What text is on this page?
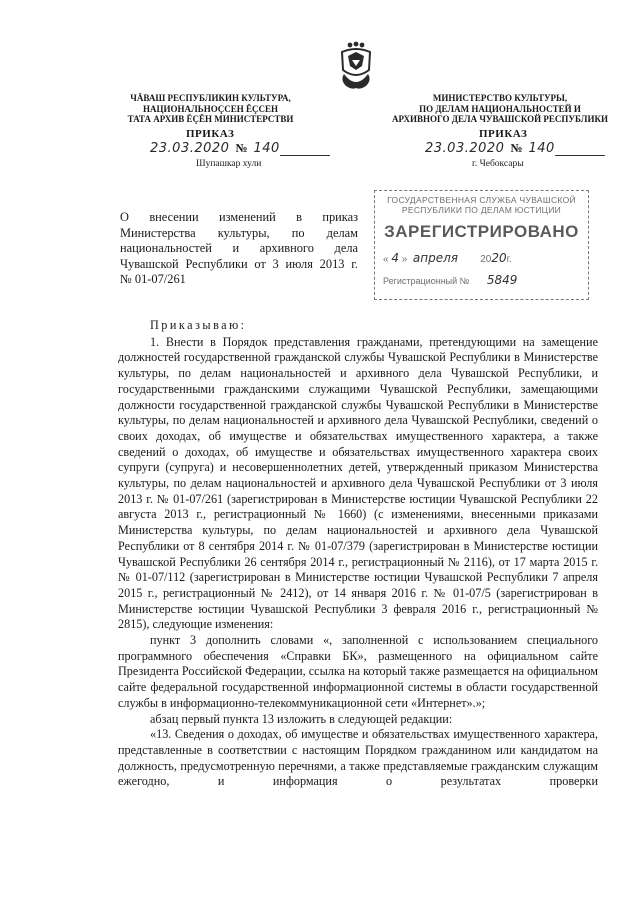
ЧĂВАШ РЕСПУБЛИКИН КУЛЬТУРА,
НАЦИОНАЛЬНОÇСЕН ĔÇСЕН
ТАТА АРХИВ ĔÇĔН МИНИСТЕРСТВИ
МИНИСТЕРСТВО КУЛЬТУРЫ,
ПО ДЕЛАМ НАЦИОНАЛЬНОСТЕЙ И
АРХИВНОГО ДЕЛА ЧУВАШСКОЙ РЕСПУБЛИКИ
ПРИКАЗ	ПРИКАЗ
23.03.2020 № 140	23.03.2020 № 140
Шупашкар хули	г. Чебоксары
ГОСУДАРСТВЕННАЯ СЛУЖБА ЧУВАШСКОЙ
РЕСПУБЛИКИ ПО ДЕЛАМ ЮСТИЦИИ
ЗАРЕГИСТРИРОВАНО
« 4 »  апреля 2020г.
Регистрационный № 5849
О внесении изменений в приказ
Министерства культуры, по делам
национальностей и архивного дела
Чувашской Республики от 3 июля 2013 г.
№ 01-07/261
Приказываю:
1. Внести в Порядок представления гражданами, претендующими на замещение должностей государственной гражданской службы Чувашской Республики в Министерстве культуры, по делам национальностей и архивного дела Чувашской Республики, и государственными гражданскими служащими Чувашской Республики, замещающими должности государственной гражданской службы Чувашской Республики в Министерстве культуры, по делам национальностей и архивного дела Чувашской Республики, сведений о своих доходах, об имуществе и обязательствах имущественного характера, а также сведений о доходах, об имуществе и обязательствах имущественного характера своих супруги (супруга) и несовершеннолетних детей, утвержденный приказом Министерства культуры, по делам национальностей и архивного дела Чувашской Республики от 3 июля 2013 г. № 01-07/261 (зарегистрирован в Министерстве юстиции Чувашской Республики 22 августа 2013 г., регистрационный № 1660) (с изменениями, внесенными приказами Министерства культуры, по делам национальностей и архивного дела Чувашской Республики от 8 сентября 2014 г. № 01-07/379 (зарегистрирован в Министерстве юстиции Чувашской Республики 26 сентября 2014 г., регистрационный № 2116), от 17 марта 2015 г. № 01-07/112 (зарегистрирован в Министерстве юстиции Чувашской Республики 7 апреля 2015 г., регистрационный № 2412), от 14 января 2016 г. № 01-07/5 (зарегистрирован в Министерстве юстиции Чувашской Республики 3 февраля 2016 г., регистрационный № 2815), следующие изменения:
пункт 3 дополнить словами «, заполненной с использованием специального программного обеспечения «Справки БК», размещенного на официальном сайте Президента Российской Федерации, ссылка на который также размещается на официальном сайте федеральной государственной информационной системы в области государственной службы в информационно-телекоммуникационной сети «Интернет».»;
абзац первый пункта 13 изложить в следующей редакции:
«13. Сведения о доходах, об имуществе и обязательствах имущественного характера, представленные в соответствии с настоящим Порядком гражданином или кандидатом на должность, предусмотренную перечнями, а также представляемые гражданским служащим ежегодно, и информация о результатах проверки
